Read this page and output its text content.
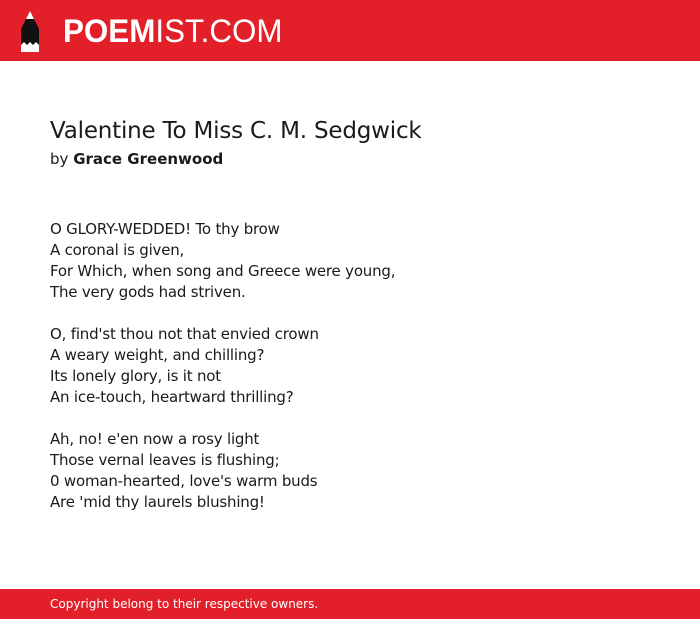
POEMIST.COM
Valentine To Miss C. M. Sedgwick
by Grace Greenwood
O GLORY-WEDDED! To thy brow
A coronal is given,
For Which, when song and Greece were young,
The very gods had striven.
O, find'st thou not that envied crown
A weary weight, and chilling?
Its lonely glory, is it not
An ice-touch, heartward thrilling?
Ah, no! e'en now a rosy light
Those vernal leaves is flushing;
0 woman-hearted, love's warm buds
Are 'mid thy laurels blushing!
Copyright belong to their respective owners.
